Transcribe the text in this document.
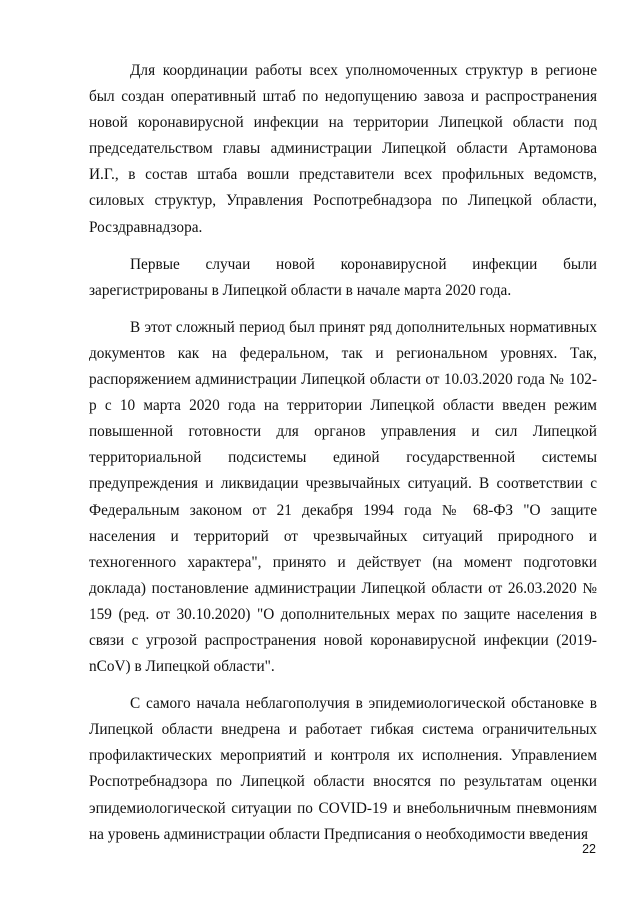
Для координации работы всех уполномоченных структур в регионе был создан оперативный штаб по недопущению завоза и распространения новой коронавирусной инфекции на территории Липецкой области под председательством главы администрации Липецкой области Артамонова И.Г., в состав штаба вошли представители всех профильных ведомств, силовых структур, Управления Роспотребнадзора по Липецкой области, Росздравнадзора.

Первые случаи новой коронавирусной инфекции были зарегистрированы в Липецкой области в начале марта 2020 года.

В этот сложный период был принят ряд дополнительных нормативных документов как на федеральном, так и региональном уровнях. Так, распоряжением администрации Липецкой области от 10.03.2020 года № 102-р с 10 марта 2020 года на территории Липецкой области введен режим повышенной готовности для органов управления и сил Липецкой территориальной подсистемы единой государственной системы предупреждения и ликвидации чрезвычайных ситуаций. В соответствии с Федеральным законом от 21 декабря 1994 года № 68-ФЗ "О защите населения и территорий от чрезвычайных ситуаций природного и техногенного характера", принято и действует (на момент подготовки доклада) постановление администрации Липецкой области от 26.03.2020 № 159 (ред. от 30.10.2020) "О дополнительных мерах по защите населения в связи с угрозой распространения новой коронавирусной инфекции (2019-nCoV) в Липецкой области".

С самого начала неблагополучия в эпидемиологической обстановке в Липецкой области внедрена и работает гибкая система ограничительных профилактических мероприятий и контроля их исполнения. Управлением Роспотребнадзора по Липецкой области вносятся по результатам оценки эпидемиологической ситуации по COVID-19 и внебольничным пневмониям на уровень администрации области Предписания о необходимости введения

22
